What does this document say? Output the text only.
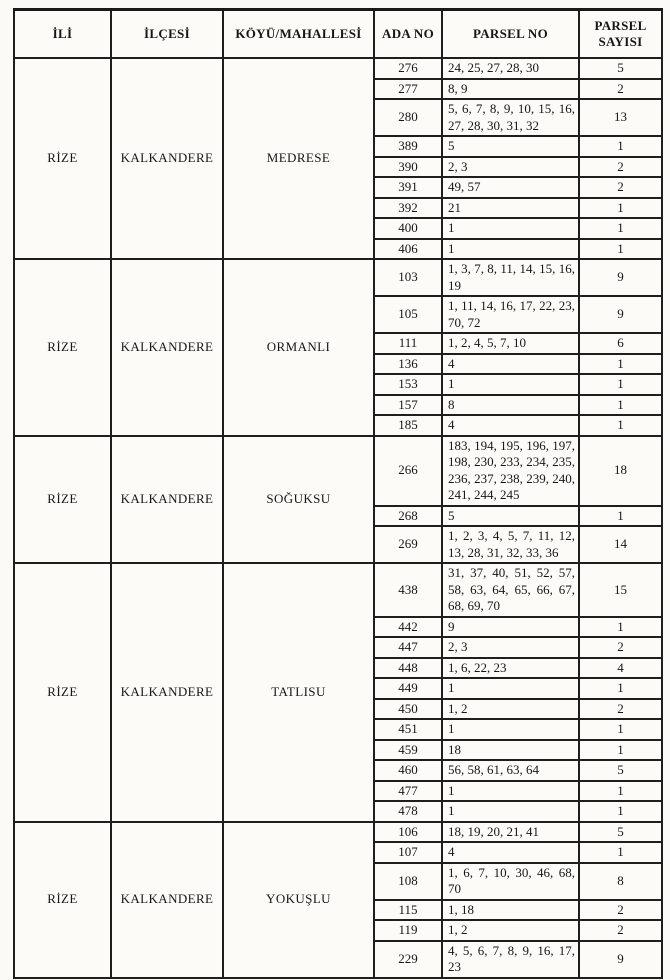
İLİ	İLÇESİ	KÖYÜ/MAHALLESİ	ADA NO	PARSEL NO	PARSEL SAYISI
RİZE	KALKANDERE	MEDRESE	276	24, 25, 27, 28, 30	5
			277	8, 9	2
			280	5, 6, 7, 8, 9, 10, 15, 16, 27, 28, 30, 31, 32	13
			389	5	1
			390	2, 3	2
			391	49, 57	2
			392	21	1
			400	1	1
			406	1	1
RİZE	KALKANDERE	ORMANLI	103	1, 3, 7, 8, 11, 14, 15, 16, 19	9
			105	1, 11, 14, 16, 17, 22, 23, 70, 72	9
			111	1, 2, 4, 5, 7, 10	6
			136	4	1
			153	1	1
			157	8	1
			185	4	1
RİZE	KALKANDERE	SOĞUKSU	266	183, 194, 195, 196, 197, 198, 230, 233, 234, 235, 236, 237, 238, 239, 240, 241, 244, 245	18
			268	5	1
			269	1, 2, 3, 4, 5, 7, 11, 12, 13, 28, 31, 32, 33, 36	14
RİZE	KALKANDERE	TATLISU	438	31, 37, 40, 51, 52, 57, 58, 63, 64, 65, 66, 67, 68, 69, 70	15
			442	9	1
			447	2, 3	2
			448	1, 6, 22, 23	4
			449	1	1
			450	1, 2	2
			451	1	1
			459	18	1
			460	56, 58, 61, 63, 64	5
			477	1	1
			478	1	1
RİZE	KALKANDERE	YOKUŞLU	106	18, 19, 20, 21, 41	5
			107	4	1
			108	1, 6, 7, 10, 30, 46, 68, 70	8
			115	1, 18	2
			119	1, 2	2
			229	4, 5, 6, 7, 8, 9, 16, 17, 23	9
